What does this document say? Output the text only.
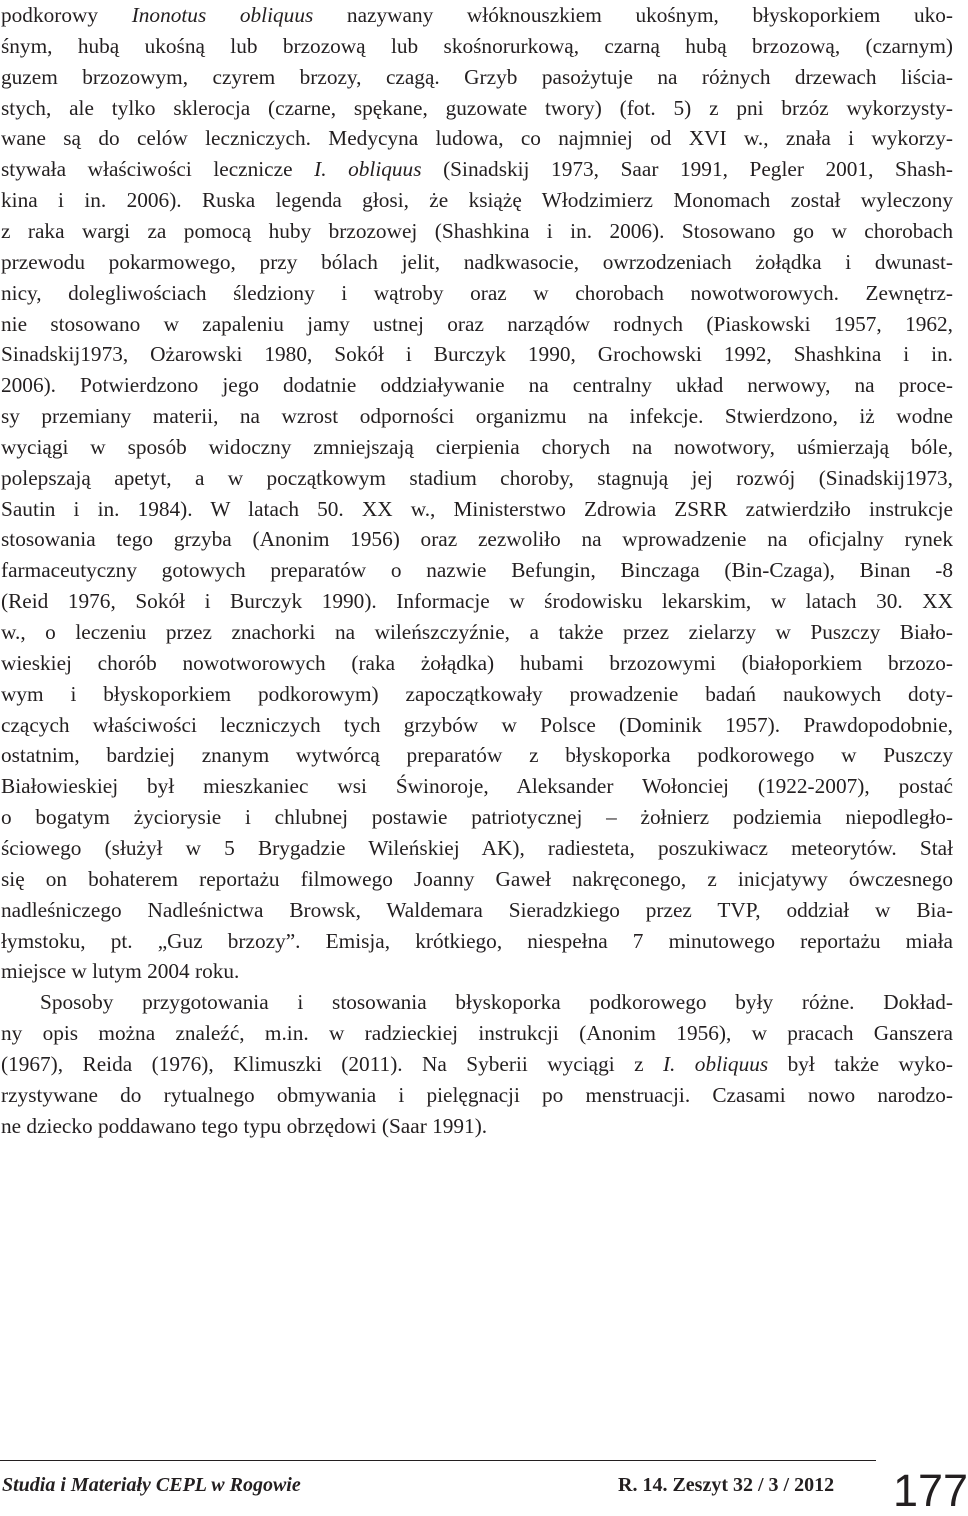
podkorowy Inonotus obliquus nazywany włóknouszkiem ukośnym, błyskoporkiem uko-
śnym, hubą ukośną lub brzozową lub skośnorurkową, czarną hubą brzozową, (czarnym)
guzem brzozowym, czyrem brzozy, czagą. Grzyb pasożytuje na różnych drzewach liścia-
stych, ale tylko sklerocja (czarne, spękane, guzowate twory) (fot. 5) z pni brzóz wykorzysty-
wane są do celów leczniczych. Medycyna ludowa, co najmniej od XVI w., znała i wykorzy-
stywała właściwości lecznicze I. obliquus (Sinadskij 1973, Saar 1991, Pegler 2001, Shash-
kina i in. 2006). Ruska legenda głosi, że książę Włodzimierz Monomach został wyleczony
z raka wargi za pomocą huby brzozowej (Shashkina i in. 2006). Stosowano go w chorobach
przewodu pokarmowego, przy bólach jelit, nadkwasocie, owrzodzeniach żołądka i dwunast-
nicy, dolegliwościach śledziony i wątroby oraz w chorobach nowotworowych. Zewnętrz-
nie stosowano w zapaleniu jamy ustnej oraz narządów rodnych (Piaskowski 1957, 1962,
Sinadskij1973, Ożarowski 1980, Sokół i Burczyk 1990, Grochowski 1992, Shashkina i in.
2006). Potwierdzono jego dodatnie oddziaływanie na centralny układ nerwowy, na proce-
sy przemiany materii, na wzrost odporności organizmu na infekcje. Stwierdzono, iż wodne
wyciągi w sposób widoczny zmniejszają cierpienia chorych na nowotwory, uśmierzają bóle,
polepszają apetyt, a w początkowym stadium choroby, stagnują jej rozwój (Sinadskij1973,
Sautin i in. 1984). W latach 50. XX w., Ministerstwo Zdrowia ZSRR zatwierdziło instrukcje
stosowania tego grzyba (Anonim 1956) oraz zezwoliło na wprowadzenie na oficjalny rynek
farmaceutyczny gotowych preparatów o nazwie Befungin, Binczaga (Bin-Czaga), Binan -8
(Reid 1976, Sokół i Burczyk 1990). Informacje w środowisku lekarskim, w latach 30. XX
w., o leczeniu przez znachorki na wileńszczyźnie, a także przez zielarzy w Puszczy Biało-
wieskiej chorób nowotworowych (raka żołądka) hubami brzozowymi (białoporkiem brzozo-
wym i błyskoporkiem podkorowym) zapoczątkowały prowadzenie badań naukowych doty-
czących właściwości leczniczych tych grzybów w Polsce (Dominik 1957). Prawdopodobnie,
ostatnim, bardziej znanym wytwórcą preparatów z błyskoporka podkorowego w Puszczy
Białowieskiej był mieszkaniec wsi Świnoroje, Aleksander Wołonciej (1922-2007), postać
o bogatym życiorysie i chlubnej postawie patriotycznej – żołnierz podziemia niepodległo-
ściowego (służył w 5 Brygadzie Wileńskiej AK), radiesteta, poszukiwacz meteorytów. Stał
się on bohaterem reportażu filmowego Joanny Gaweł nakręconego, z inicjatywy ówczesnego
nadleśniczego Nadleśnictwa Browsk, Waldemara Sieradzkiego przez TVP, oddział w Bia-
łymstoku, pt. „Guz brzozy”. Emisja, krótkiego, niespełna 7 minutowego reportażu miała
miejsce w lutym 2004 roku.
Sposoby przygotowania i stosowania błyskoporka podkorowego były różne. Dokład-
ny opis można znaleźć, m.in. w radzieckiej instrukcji (Anonim 1956), w pracach Ganszera
(1967), Reida (1976), Klimuszki (2011). Na Syberii wyciągi z I. obliquus był także wyko-
rzystywane do rytualnego obmywania i pielęgnacji po menstruacji. Czasami nowo narodzo-
ne dziecko poddawano tego typu obrzędowi (Saar 1991).
Studia i Materiały CEPL w Rogowie	R. 14. Zeszyt 32 / 3 / 2012 177
